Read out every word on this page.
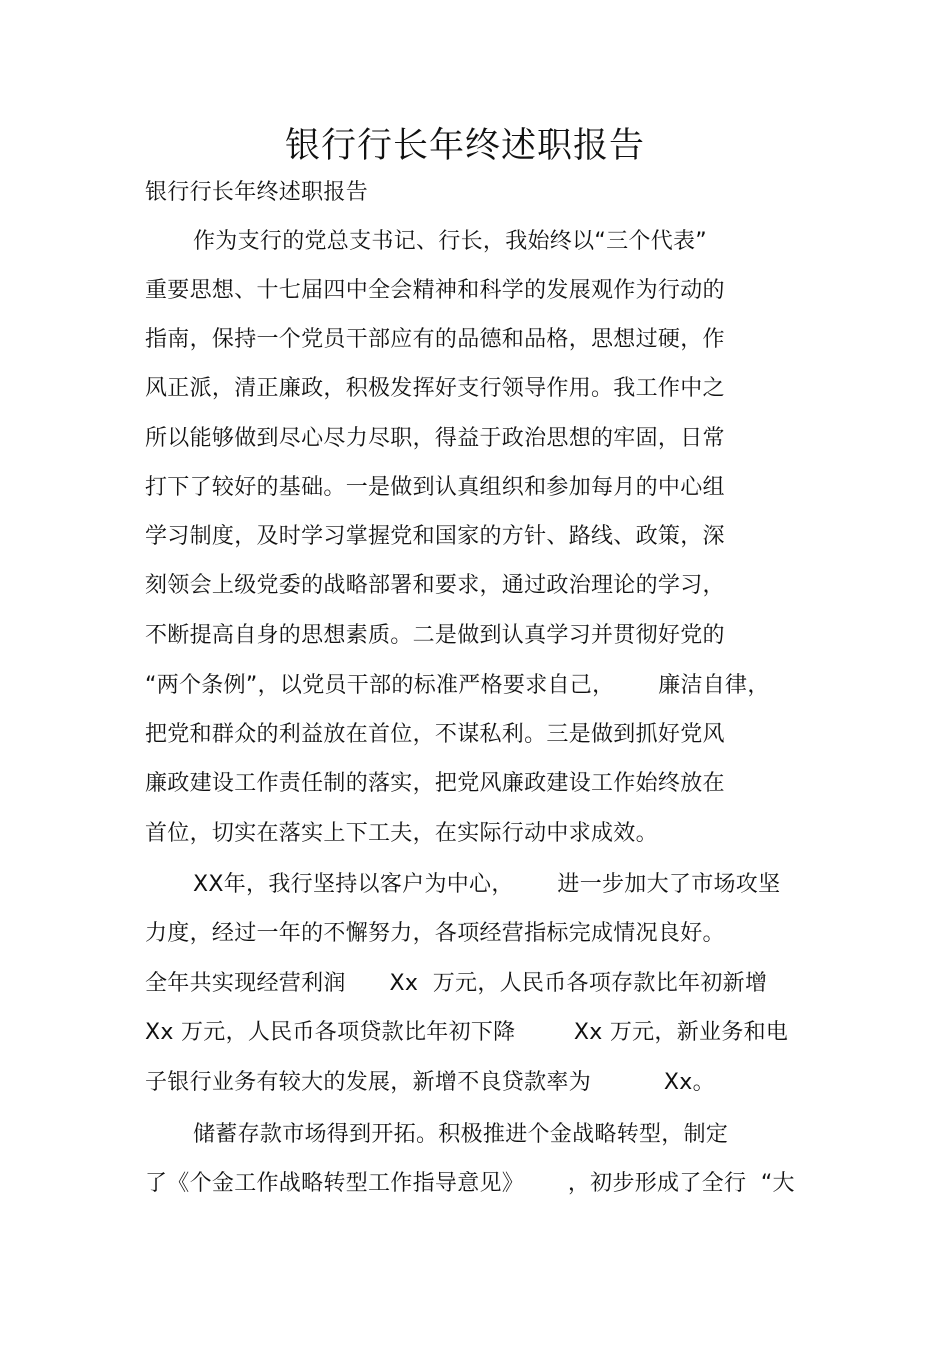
银行行长年终述职报告
银行行长年终述职报告
作为支行的党总支书记、行长，我始终以“三个代表”
重要思想、十七届四中全会精神和科学的发展观作为行动的
指南，保持一个党员干部应有的品德和品格，思想过硬，作
风正派，清正廉政，积极发挥好支行领导作用。我工作中之
所以能够做到尽心尽力尽职，得益于政治思想的牢固，日常
打下了较好的基础。一是做到认真组织和参加每月的中心组
学习制度，及时学习掌握党和国家的方针、路线、政策，深
刻领会上级党委的战略部署和要求，通过政治理论的学习，
不断提高自身的思想素质。二是做到认真学习并贯彻好党的
“两个条例”，以党员干部的标准严格要求自己，      廉洁自律，
把党和群众的利益放在首位，不谋私利。三是做到抓好党风
廉政建设工作责任制的落实，把党风廉政建设工作始终放在
首位，切实在落实上下工夫，在实际行动中求成效。
XX年，我行坚持以客户为中心，      进一步加大了市场攻坚
力度，经过一年的不懈努力，各项经营指标完成情况良好。
全年共实现经营利润      Xx  万元，人民币各项存款比年初新增
Xx 万元，人民币各项贷款比年初下降        Xx 万元，新业务和电
子银行业务有较大的发展，新增不良贷款率为          Xx。
储蓄存款市场得到开拓。积极推进个金战略转型，制定
了《个金工作战略转型工作指导意见》      ，初步形成了全行  “大
